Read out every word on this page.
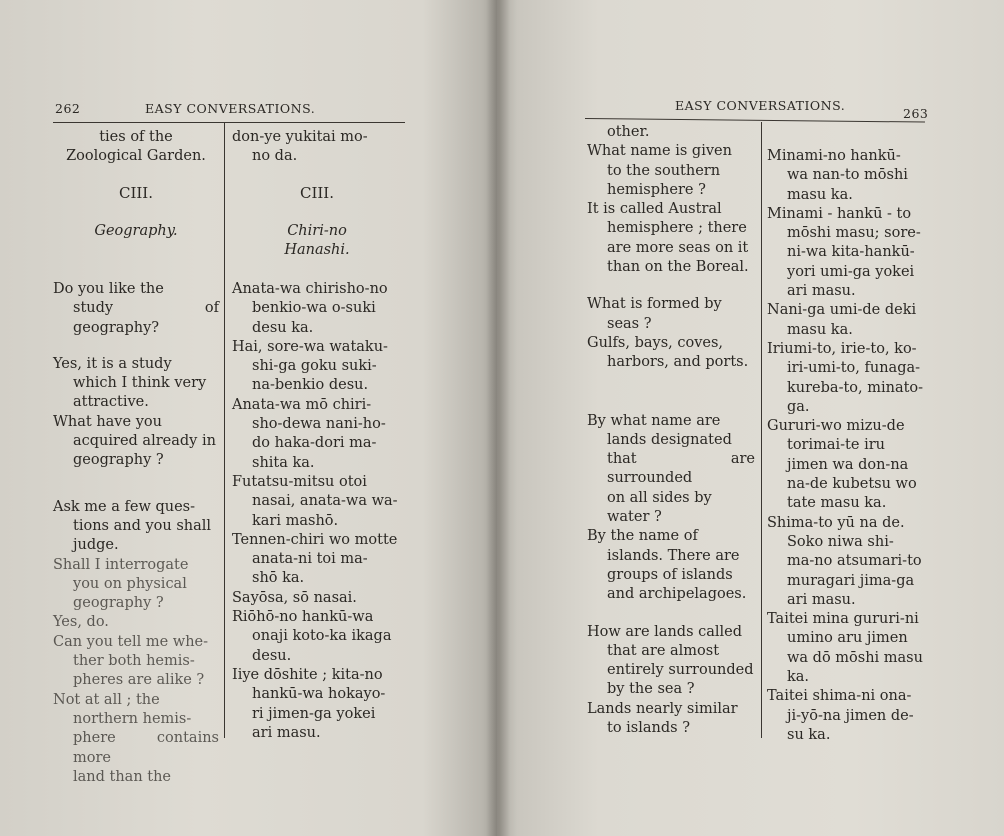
262	EASY CONVERSATIONS.

ties of the
Zoological Garden.

CIII.
Geography.

Do you like the
study of geography?

Yes, it is a study
which I think very
attractive.

What have you
acquired already in
geography ?

Ask me a few ques-
tions and you shall
judge.

Shall I interrogate
you on physical
geography ?

Yes, do.

Can you tell me whe-
ther both hemis-
pheres are alike ?

Not at all ; the
northern hemis-
phere contains more
land than the

don-ye yukitai mo-
no da.

CIII.
Chiri-no
Hanashi.

Anata-wa chirisho-no
benkio-wa o-suki
desu ka.

Hai, sore-wa wataku-
shi-ga goku suki-
na-benkio desu.

Anata-wa mō chiri-
sho-dewa nani-ho-
do haka-dori ma-
shita ka.

Futatsu-mitsu otoi
nasai, anata-wa wa-
kari mashō.

Tennen-chiri wo motte
anata-ni toi ma-
shō ka.

Sayōsa, sō nasai.

Riōhō-no hankū-wa
onaji koto-ka ikaga
desu.

Iiye dōshite ; kita-no
hankū-wa hokayo-
ri jimen-ga yokei
ari masu.

EASY CONVERSATIONS.
263

other.

What name is given
to the southern
hemisphere ?

It is called Austral
hemisphere ; there
are more seas on it
than on the Boreal.

What is formed by
seas ?

Gulfs, bays, coves,
harbors, and ports.

By what name are
lands designated
that are surrounded
on all sides by
water ?

By the name of
islands. There are
groups of islands
and archipelagoes.

How are lands called
that are almost
entirely surrounded
by the sea ?

Lands nearly similar
to islands ?

Minami-no hankū-
wa nan-to mōshi
masu ka.

Minami - hankū - to
mōshi masu; sore-
ni-wa kita-hankū-
yori umi-ga yokei
ari masu.

Nani-ga umi-de deki
masu ka.

Iriumi-to, irie-to, ko-
iri-umi-to, funaga-
kureba-to, minato-
ga.

Gururi-wo mizu-de
torimai-te iru
jimen wa don-na
na-de kubetsu wo
tate masu ka.

Shima-to yū na de.
Soko niwa shi-
ma-no atsumari-to
muragari jima-ga
ari masu.

Taitei mina gururi-ni
umino aru jimen
wa dō mōshi masu
ka.

Taitei shima-ni ona-
ji-yō-na jimen de-
su ka.
